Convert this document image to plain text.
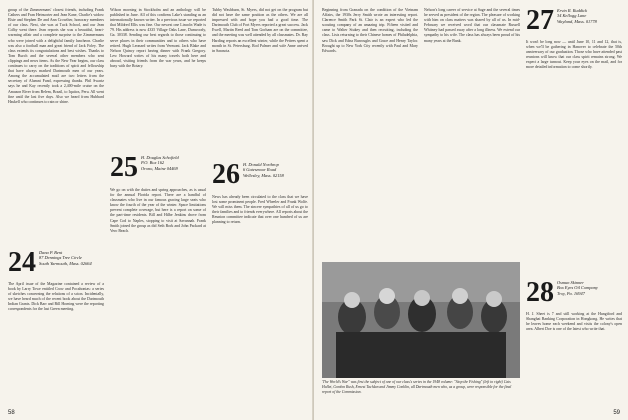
group of the Zimmermans' closest friends, including Frank Cathers and Fran Heinsorter and Jean Kane, Charlie's widow Elsie and Stephen De and Ann Crowther, honorary members of our class. Next, she was at Tuck School, and our Jean Colby went there. Jean reports she was a beautiful, heart-warming affair and a complete surprise to the Zimmermans who were joined with a delightful family luncheon. Charlie was also a football man and great friend of Jack Foley. The class extends its congratulations and best wishes. Thanks to Tom Burch and the several other members who sent clippings and news items. As the New Year begins, our class continues to carry on the traditions of spirit and fellowship that have always marked Dartmouth men of our years. Among the accumulated mail are two letters from the secretary of Alumni Fund, expressing thanks. Phil Swartz says he and Kay recently took a 2,400-mile cruise on the Amazon River from Belem, Brazil, to Iquitos, Peru. All went fine until the last five days. Also we heard from Hubbard Haskell who continues to rain or shine.

24 Dana P. Bent
87 Dennings Tree Circle
South Yarmouth, Mass. 02664

The April issue of the Magazine contained a review of a book by Larry Towe entitled Crow and Pocahontas: a series of sketches concerning the relations of a scion. Incidentally, we have heard much of the recent book about the Dartmouth Indian Grants. Dick Barr and Bill Horning were the reporting correspondents for the last Green meeting.

Wilson morning in Stockholm and an anthology will be published in June. All of this confirms Lake's standing as an internationally known writer. In a previous issue we reported that Mildred Ellis was fine. Our newest one Lincoln Wade is 79. His address is now 4335 Village Oaks Lane, Dunwoody, Ga. 30338. Sending our best regards to those continuing to serve places in their communities and to others who have retired. Hugh Leonard writes from Vermont. Jack Blake and Nelson Quincy report having dinner with Frank Gregory. Lew Howard writes of his many travels both here and abroad, visiting friends from the war years, and he keeps busy with the Rotary.

25 H. Douglas Schofield
P.O. Box 162
Orono, Maine 04469

We go on with the duties and spring approaches, as is usual for the annual Florida report. There are a handful of classmates who live in our famous gracing large seats who know the fourth of the year of the winter. Space limitations prevent complete coverage, but here is a report on some of the part-time residents. Bill and Hilbe Jenkins drove from Cape Cod to Naples, stopping to visit at Savannah. Frank Smith joined the group as did Seth Bork and John Packard at Vero Beach.

Tubby Washburn, St. Myers, did not get on the program but did not have the same position as the others. We are all impressed with and hope you had a good time. The Dartmouth Club of Fort Myers reported a great success. Jack Ewell, Martin Reed and Tom Gorham are on the committee, and the meeting was well attended by all classmates. Dr. Ray Harding reports an excellent winter, while the Pettees spent a month in St. Petersburg. Rod Palmer and wife Anne arrived in Sarasota.

26 H. Donald Northrop
6 Gatesmoor Road
Wellesley, Mass. 02158

News has already been circulated to the class that we have lost some prominent people. Fred Wheeler and Frank Wolfe. We will miss them. The sincere sympathies of all of us go to their families and to friends everywhere. All reports about the Reunion committee indicate that over one hundred of us are planning to return.

58

Beginning from Granada on the condition of the Vietnam Affairs, the 1930s Jerry Smith wrote an interesting report. Clarence Smith Park St. Clair is an expert who led the scouting company of an amazing trip. Fifteen visited and came to Walter Stukey and then recruiting, including the class. Lists returning to their Chinese homes of Philadelphia, saw Dick and Edna Burroughs and Grace and Henry Taylor. Brought up to New York City recently with Paul and Mary Edwards.

Nelson's long career of service at Sage and the several times he served as president of the region. The pleasure of working with him on class matters was shared by all of us. In mid-February we received word that our classmate Russell Whitney had passed away after a long illness. We extend our sympathy to his wife. The class has always been proud of his many years at the Bank.

27 Ervin R. Ruddick
34 Kellogg Lane
Wayland, Mass. 01778

It won't be long now — until June 10, 11 and 12, that is, when we'll be gathering in Hanover to celebrate the 50th anniversary of our graduation. Those who have attended past reunions will know that our class spirit remains strong. We expect a large turnout. Keep your eyes on the mail, and for more detailed information to come shortly.

'The World's War'' was first the subject of one of our class's series in the 1948 volume: "Stop the Fishing" (left to right) Cats Hallet, Gordon Rush, Ernest Tachlan and Jimmy Conklin, all Dartmouth men who, as a group, were responsible for the final report of the Commission.
28 Osmun Skinner
Box Eyes Oil Company
Troy, Pa. 16947

H. J. Sheet is 7 and still working at the Hungtford and Shanghai Banking Corporation in Hongkong. He writes that he leaves home each weekend and visits the colony's open area. Albert Doe is one of the latest who write that.

59
